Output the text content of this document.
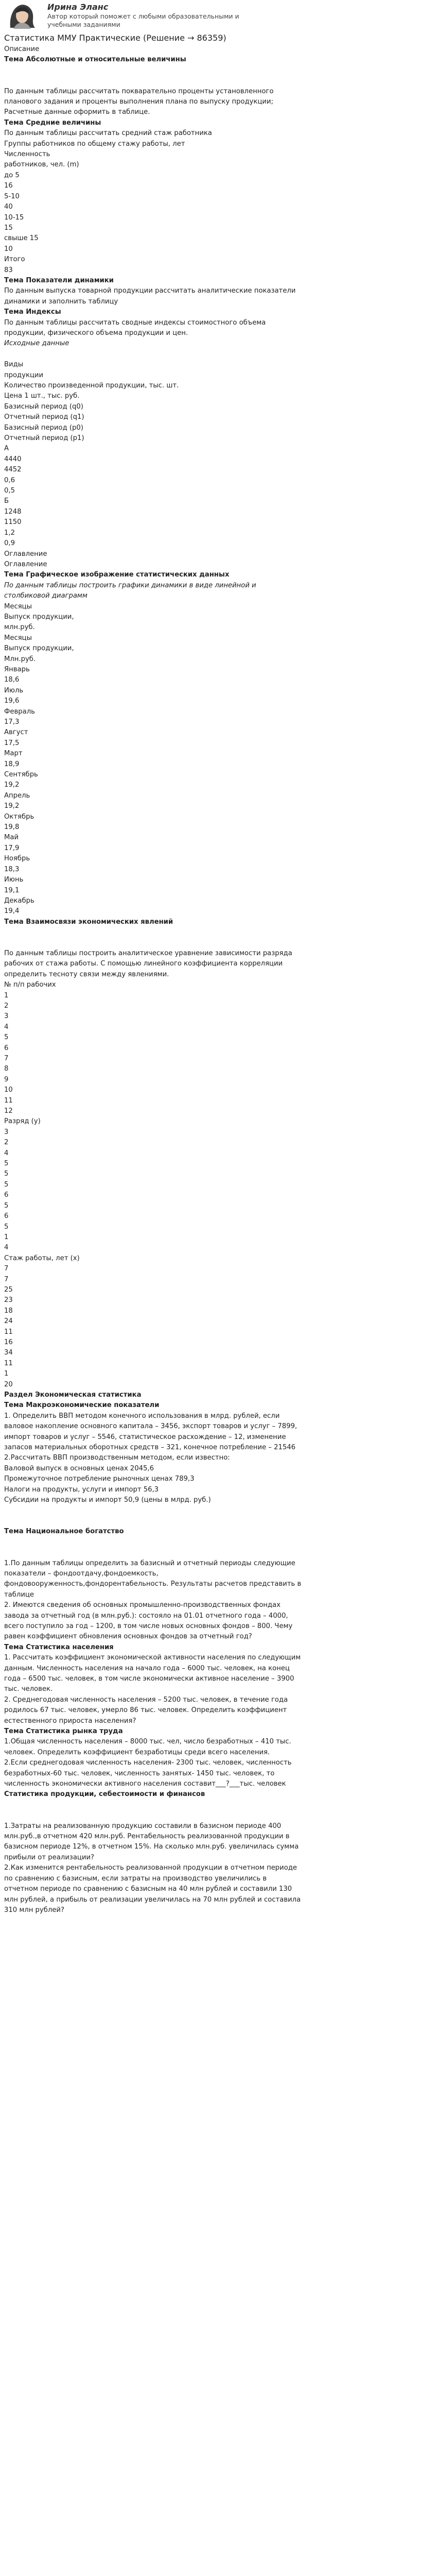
Ирина Эланс
Автор который поможет с любыми образовательными и учебными заданиями
Статистика ММУ Практические (Решение → 86359)
Описание
Тема Абсолютные и относительные величины

По данным таблицы рассчитать покварательно проценты установленного
планового задания и проценты выполнения плана по выпуску продукции;
Расчетные данные оформить в таблице.
Тема Средние величины
По данным таблицы рассчитать средний стаж работника
Группы работников по общему стажу работы, лет
Численность
работников, чел. (m)
до 5
16
5-10
40
10-15
15
свыше 15
10
Итого
83
Тема Показатели динамики
По данным выпуска товарной продукции рассчитать аналитические показатели
динамики и заполнить таблицу
Тема Индексы
По данным таблицы рассчитать сводные индексы стоимостного объема
продукции, физического объема продукции и цен.
Исходные данные

Виды
продукции
Количество произведенной продукции, тыс. шт.
Цена 1 шт., тыс. руб.
Базисный период (q0)
Отчетный период (q1)
Базисный период (p0)
Отчетный период (p1)
А
4440
4452
0,6
0,5
Б
1248
1150
1,2
0,9
Оглавление
Оглавление
Тема Графическое изображение статистических данных
По данным таблицы построить графики динамики в виде линейной и
столбиковой диаграмм
Месяцы
Выпуск продукции,
млн.руб.
Месяцы
Выпуск продукции,
Млн.руб.
Январь
18,6
Июль
19,6
Февраль
17,3
Август
17,5
Март
18,9
Сентябрь
19,2
Апрель
19,2
Октябрь
19,8
Май
17,9
Ноябрь
18,3
Июнь
19,1
Декабрь
19,4
Тема Взаимосвязи экономических явлений

По данным таблицы построить аналитическое уравнение зависимости разряда
рабочих от стажа работы. С помощью линейного коэффициента корреляции
определить тесноту связи между явлениями.
№ п/п рабочих
1
2
3
4
5
6
7
8
9
10
11
12
Разряд (у)
3
2
4
5
5
5
6
5
6
5
1
4
Стаж работы, лет (x)
7
7
25
23
18
24
11
16
34
11
1
20
Раздел Экономическая статистика
Тема Макроэкономические показатели
1. Определить ВВП методом конечного использования в млрд. рублей, если
валовое накопление основного капитала – 3456, экспорт товаров и услуг – 7899,
импорт товаров и услуг – 5546, статистическое расхождение – 12, изменение
запасов материальных оборотных средств – 321, конечное потребление – 21546
2.Рассчитать ВВП производственным методом, если известно:
Валовой выпуск в основных ценах 2045,6
Промежуточное потребление рыночных ценах 789,3
Налоги на продукты, услуги и импорт 56,3
Субсидии на продукты и импорт 50,9 (цены в млрд. руб.)

Тема Национальное богатство

1.По данным таблицы определить за базисный и отчетный периоды следующие
показатели – фондоотдачу,фондоемкость,
фондовооруженность,фондорентабельность. Результаты расчетов представить в
таблице
2. Имеются сведения об основных промышленно-производственных фондах
завода за отчетный год (в млн.руб.): состояло на 01.01 отчетного года – 4000,
всего поступило за год – 1200, в том числе новых основных фондов – 800. Чему
равен коэффициент обновления основных фондов за отчетный год?
Тема Статистика населения
1. Рассчитать коэффициент экономической активности населения по следующим
данным. Численность населения на начало года – 6000 тыс. человек, на конец
года – 6500 тыс. человек, в том числе экономически активное население – 3900
тыс. человек.
2. Среднегодовая численность населения – 5200 тыс. человек, в течение года
родилось 67 тыс. человек, умерло 86 тыс. человек. Определить коэффициент
естественного прироста населения?
Тема Статистика рынка труда
1.Общая численность населения – 8000 тыс. чел, число безработных – 410 тыс.
человек. Определить коэффициент безработицы среди всего населения.
2.Если среднегодовая численность населения- 2300 тыс. человек, численность
безработных-60 тыс. человек, численность занятых- 1450 тыс. человек, то
численность экономически активного населения составит___?___тыс. человек
Статистика продукции, себестоимости и финансов

1.Затраты на реализованную продукцию составили в базисном периоде 400
млн.руб.,в отчетном 420 млн.руб. Рентабельность реализованной продукции в
базисном периоде 12%, в отчетном 15%. На сколько млн.руб. увеличилась сумма
прибыли от реализации?
2.Как изменится рентабельность реализованной продукции в отчетном периоде
по сравнению с базисным, если затраты на производство увеличились в
отчетном периоде по сравнению с базисным на 40 млн рублей и составили 130
млн рублей, а прибыль от реализации увеличилась на 70 млн рублей и составила
310 млн рублей?
